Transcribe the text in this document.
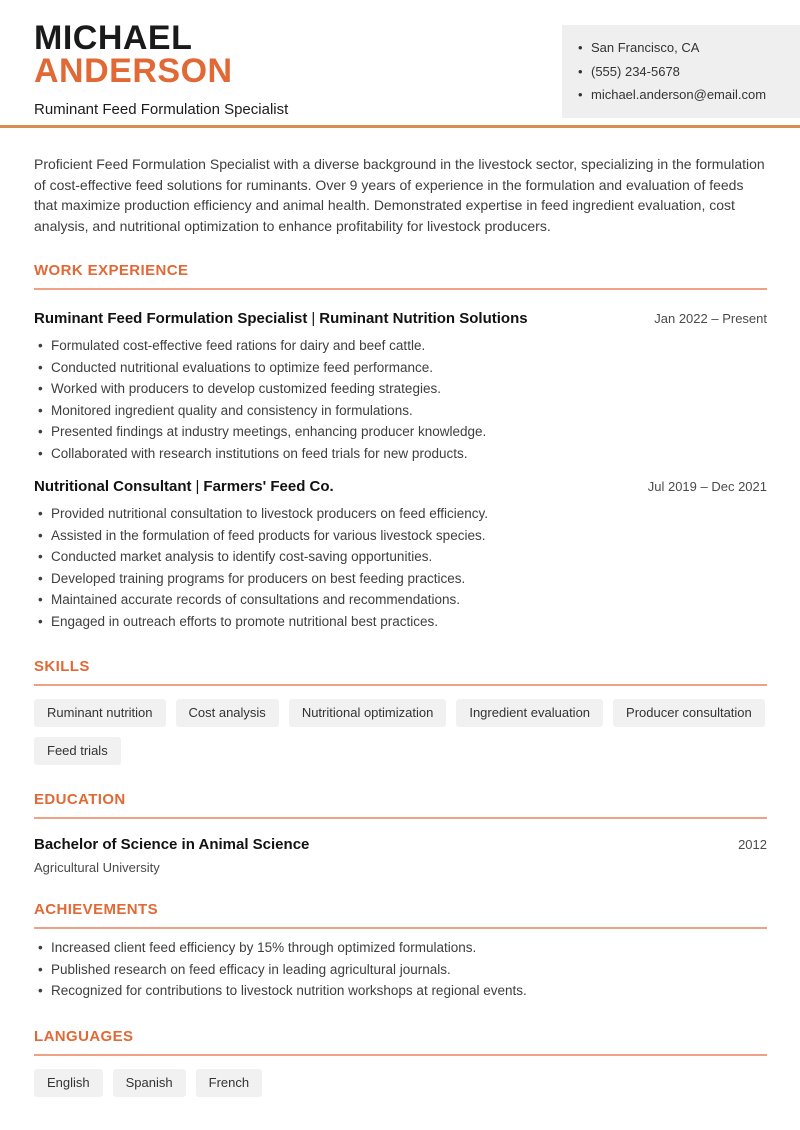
MICHAEL
ANDERSON
Ruminant Feed Formulation Specialist
• San Francisco, CA
• (555) 234-5678
• michael.anderson@email.com

Proficient Feed Formulation Specialist with a diverse background in the livestock sector, specializing in the formulation of cost-effective feed solutions for ruminants. Over 9 years of experience in the formulation and evaluation of feeds that maximize production efficiency and animal health. Demonstrated expertise in feed ingredient evaluation, cost analysis, and nutritional optimization to enhance profitability for livestock producers.

WORK EXPERIENCE
Ruminant Feed Formulation Specialist | Ruminant Nutrition Solutions	Jan 2022 – Present
• Formulated cost-effective feed rations for dairy and beef cattle.
• Conducted nutritional evaluations to optimize feed performance.
• Worked with producers to develop customized feeding strategies.
• Monitored ingredient quality and consistency in formulations.
• Presented findings at industry meetings, enhancing producer knowledge.
• Collaborated with research institutions on feed trials for new products.
Nutritional Consultant | Farmers' Feed Co.	Jul 2019 – Dec 2021
• Provided nutritional consultation to livestock producers on feed efficiency.
• Assisted in the formulation of feed products for various livestock species.
• Conducted market analysis to identify cost-saving opportunities.
• Developed training programs for producers on best feeding practices.
• Maintained accurate records of consultations and recommendations.
• Engaged in outreach efforts to promote nutritional best practices.
SKILLS
Ruminant nutrition	Cost analysis	Nutritional optimization	Ingredient evaluation	Producer consultation
Feed trials
EDUCATION
Bachelor of Science in Animal Science	2012
Agricultural University
ACHIEVEMENTS
• Increased client feed efficiency by 15% through optimized formulations.
• Published research on feed efficacy in leading agricultural journals.
• Recognized for contributions to livestock nutrition workshops at regional events.
LANGUAGES
English	Spanish	French
